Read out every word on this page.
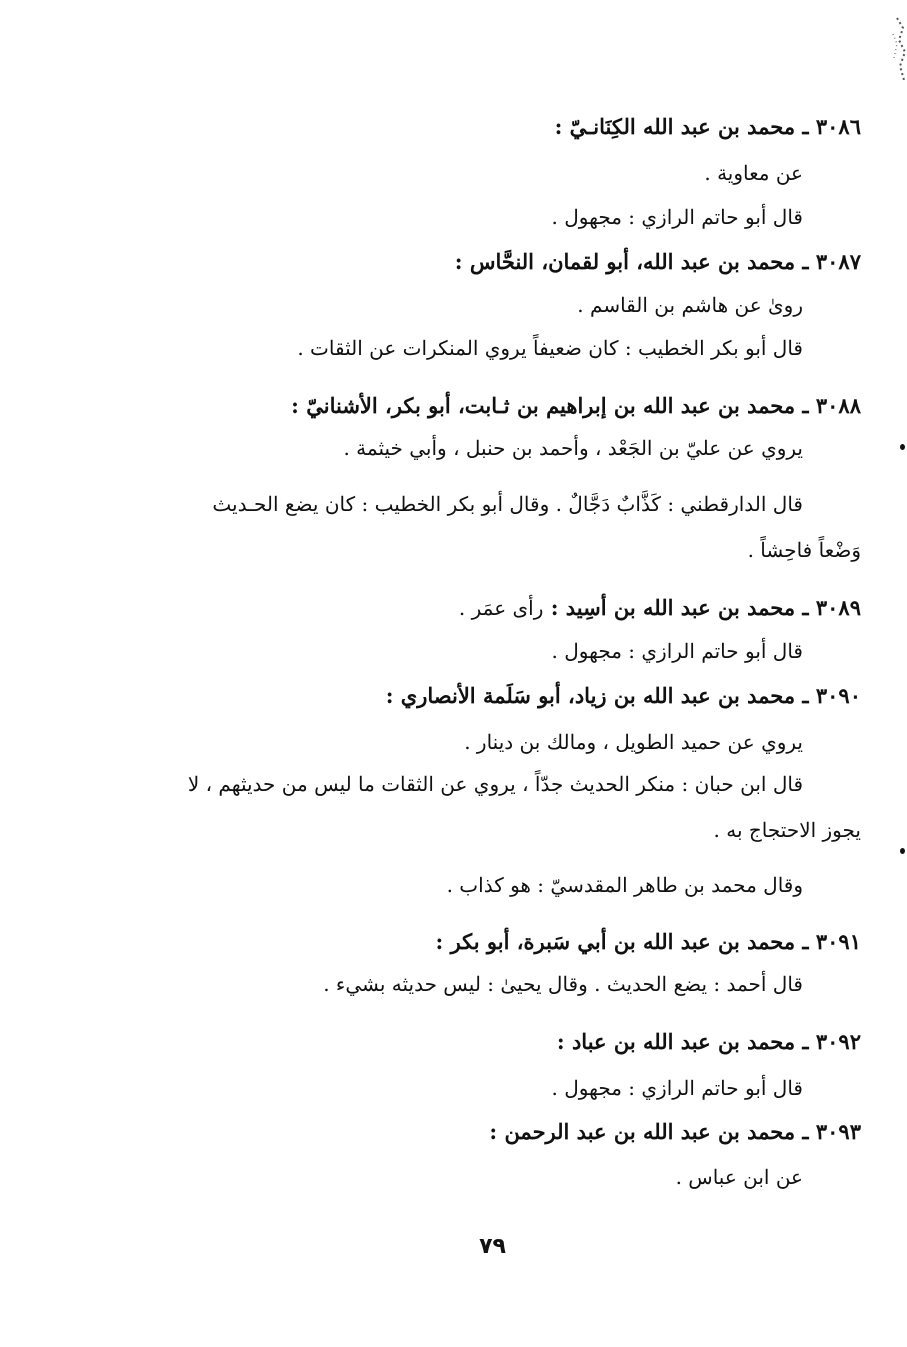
٣٠٨٦ ـ محمد بن عبد الله الكِنَانـيّ :
عن معاوية .
قال أبو حاتم الرازي : مجهول .
٣٠٨٧ ـ محمد بن عبد الله، أبو لقمان، النحَّاس :
روىٰ عن هاشم بن القاسم .
قال أبو بكر الخطيب : كان ضعيفاً يروي المنكرات عن الثقات .
٣٠٨٨ ـ محمد بن عبد الله بن إبراهيم بن ثـابت، أبو بكر، الأشنانيّ :
يروي عن عليّ بن الجَعْد ، وأحمد بن حنبل ، وأبي خيثمة .
قال الدارقطني : كَذَّابٌ دَجَّالٌ . وقال أبو بكر الخطيب : كان يضع الحـديث
وَضْعاً فاحِشاً .
٣٠٨٩ ـ محمد بن عبد الله بن أسِيد : رأى عمَر .
قال أبو حاتم الرازي : مجهول .
٣٠٩٠ ـ محمد بن عبد الله بن زياد، أبو سَلَمة الأنصاري :
يروي عن حميد الطويل ، ومالك بن دينار .
قال ابن حبان : منكر الحديث جدّاً ، يروي عن الثقات ما ليس من حديثهم ، لا
يجوز الاحتجاج به .
وقال محمد بن طاهر المقدسيّ : هو كذاب .
٣٠٩١ ـ محمد بن عبد الله بن أبي سَبرة، أبو بكر :
قال أحمد : يضع الحديث . وقال يحيىٰ : ليس حديثه بشيء .
٣٠٩٢ ـ محمد بن عبد الله بن عباد :
قال أبو حاتم الرازي : مجهول .
٣٠٩٣ ـ محمد بن عبد الله بن عبد الرحمن :
عن ابن عباس .
٧٩
